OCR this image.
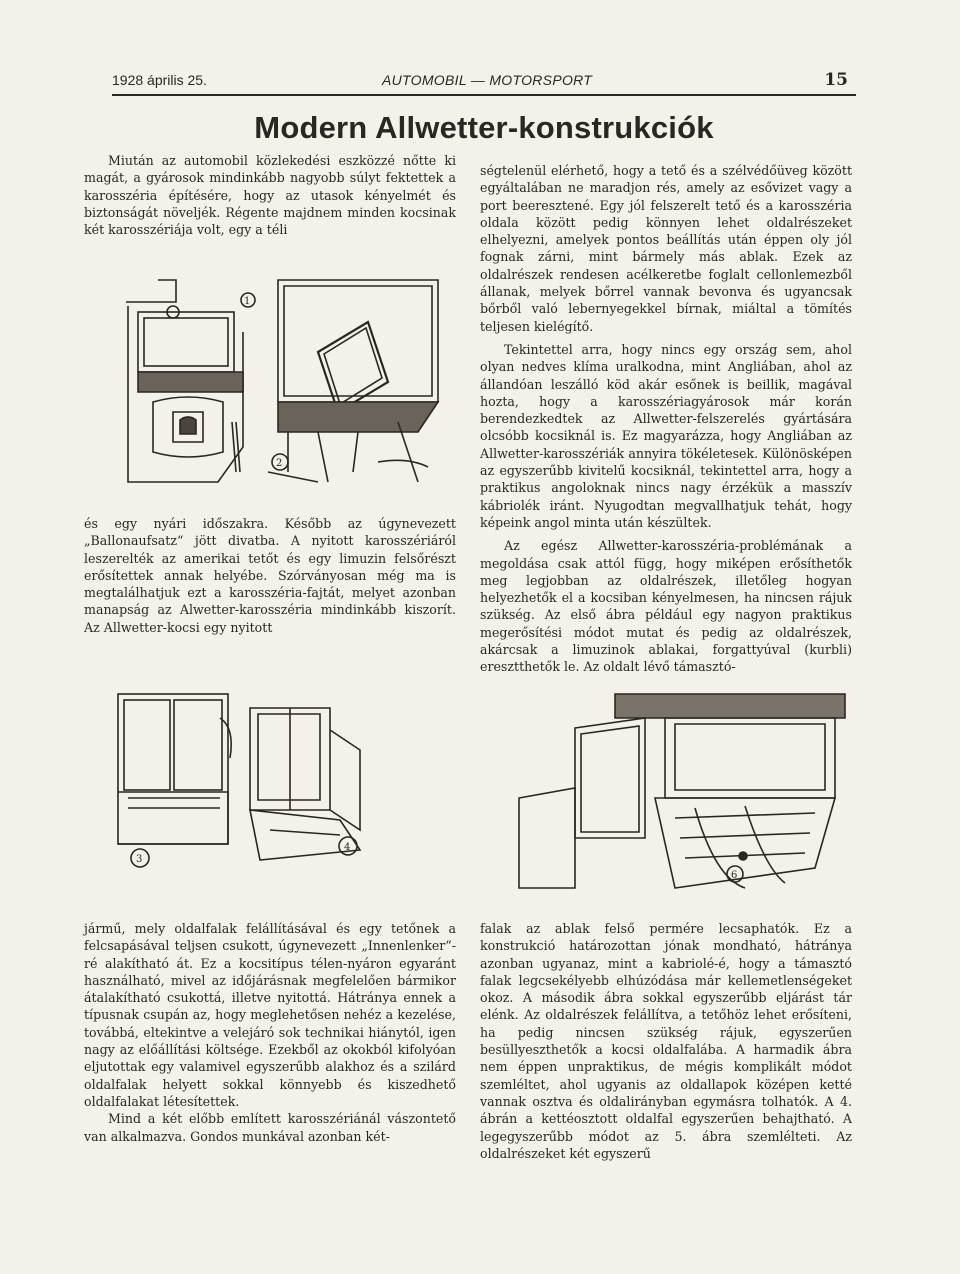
1928 április 25.	AUTOMOBIL — MOTORSPORT	15
Modern Allwetter-konstrukciók

Miután az automobil közlekedési eszközzé nőtte ki magát, a gyárosok mindinkább nagyobb súlyt fektettek a karosszéria építésére, hogy az utasok kényelmét és biztonságát növeljék. Régente majdnem minden kocsinak két karosszériája volt, egy a téli

1
2

és egy nyári időszakra. Később az úgynevezett „Ballonaufsatz“ jött divatba. A nyitott karosszériáról leszerelték az amerikai tetőt és egy limuzin felsőrészt erősítettek annak helyébe. Szórványosan még ma is megtalálhatjuk ezt a karosszéria-fajtát, melyet azonban manapság az Alwetter-karosszéria mindinkább kiszorít. Az Allwetter-kocsi egy nyitott

ségtelenül elérhető, hogy a tető és a szélvédőüveg között egyáltalában ne maradjon rés, amely az esővizet vagy a port beeresztené. Egy jól felszerelt tető és a karosszéria oldala között pedig könnyen lehet oldalrészeket elhelyezni, amelyek pontos beállítás után éppen oly jól fognak zárni, mint bármely más ablak. Ezek az oldalrészek rendesen acélkeretbe foglalt cellonlemezből állanak, melyek bőrrel vannak bevonva és ugyancsak bőrből való lebernyegekkel bírnak, miáltal a tömítés teljesen kielégítő.

Tekintettel arra, hogy nincs egy ország sem, ahol olyan nedves klíma uralkodna, mint Angliában, ahol az állandóan leszálló köd akár esőnek is beillik, magával hozta, hogy a karosszériagyárosok már korán berendezkedtek az Allwetter-felszerelés gyártására olcsóbb kocsiknál is. Ez magyarázza, hogy Angliában az Allwetter-karosszériák annyira tökéletesek. Különösképen az egyszerűbb kivitelű kocsiknál, tekintettel arra, hogy a praktikus angoloknak nincs nagy érzékük a masszív kábriolék iránt. Nyugodtan megvallhatjuk tehát, hogy képeink angol minta után készültek.

Az egész Allwetter-karosszéria-problémának a megoldása csak attól függ, hogy miképen erősíthetők meg legjobban az oldalrészek, illetőleg hogyan helyezhetők el a kocsiban kényelmesen, ha nincsen rájuk szükség. Az első ábra például egy nagyon praktikus megerősítési módot mutat és pedig az oldalrészek, akárcsak a limuzinok ablakai, forgattyúval (kurbli) eresztthetők le. Az oldalt lévő támasztó-

3
4
6

jármű, mely oldalfalak felállításával és egy tetőnek a felcsapásával teljsen csukott, úgynevezett „Innenlenker“-ré alakítható át. Ez a kocsitípus télen-nyáron egyaránt használható, mivel az időjárásnak megfelelően bármikor átalakítható csukottá, illetve nyitottá. Hátránya ennek a típusnak csupán az, hogy meglehetősen nehéz a kezelése, továbbá, eltekintve a velejáró sok technikai hiánytól, igen nagy az előállítási költsége. Ezekből az okokból kifolyóan eljutottak egy valamivel egyszerűbb alakhoz és a szilárd oldalfalak helyett sokkal könnyebb és kiszedhető oldalfalakat létesítettek.

Mind a két előbb említett karosszériánál vászontető van alkalmazva. Gondos munkával azonban két-

falak az ablak felső permére lecsaphatók. Ez a konstrukció határozottan jónak mondható, hátránya azonban ugyanaz, mint a kabriolé-é, hogy a támasztó falak legcsekélyebb elhúzódása már kellemetlenségeket okoz. A második ábra sokkal egyszerűbb eljárást tár elénk. Az oldalrészek felállítva, a tetőhöz lehet erősíteni, ha pedig nincsen szükség rájuk, egyszerűen besüllyeszthetők a kocsi oldalfalába. A harmadik ábra nem éppen unpraktikus, de mégis komplikált módot szemléltet, ahol ugyanis az oldallapok középen ketté vannak osztva és oldalirányban egymásra tolhatók. A 4. ábrán a kettéosztott oldalfal egyszerűen behajtható. A legegyszerűbb módot az 5. ábra szemlélteti. Az oldalrészeket két egyszerű
